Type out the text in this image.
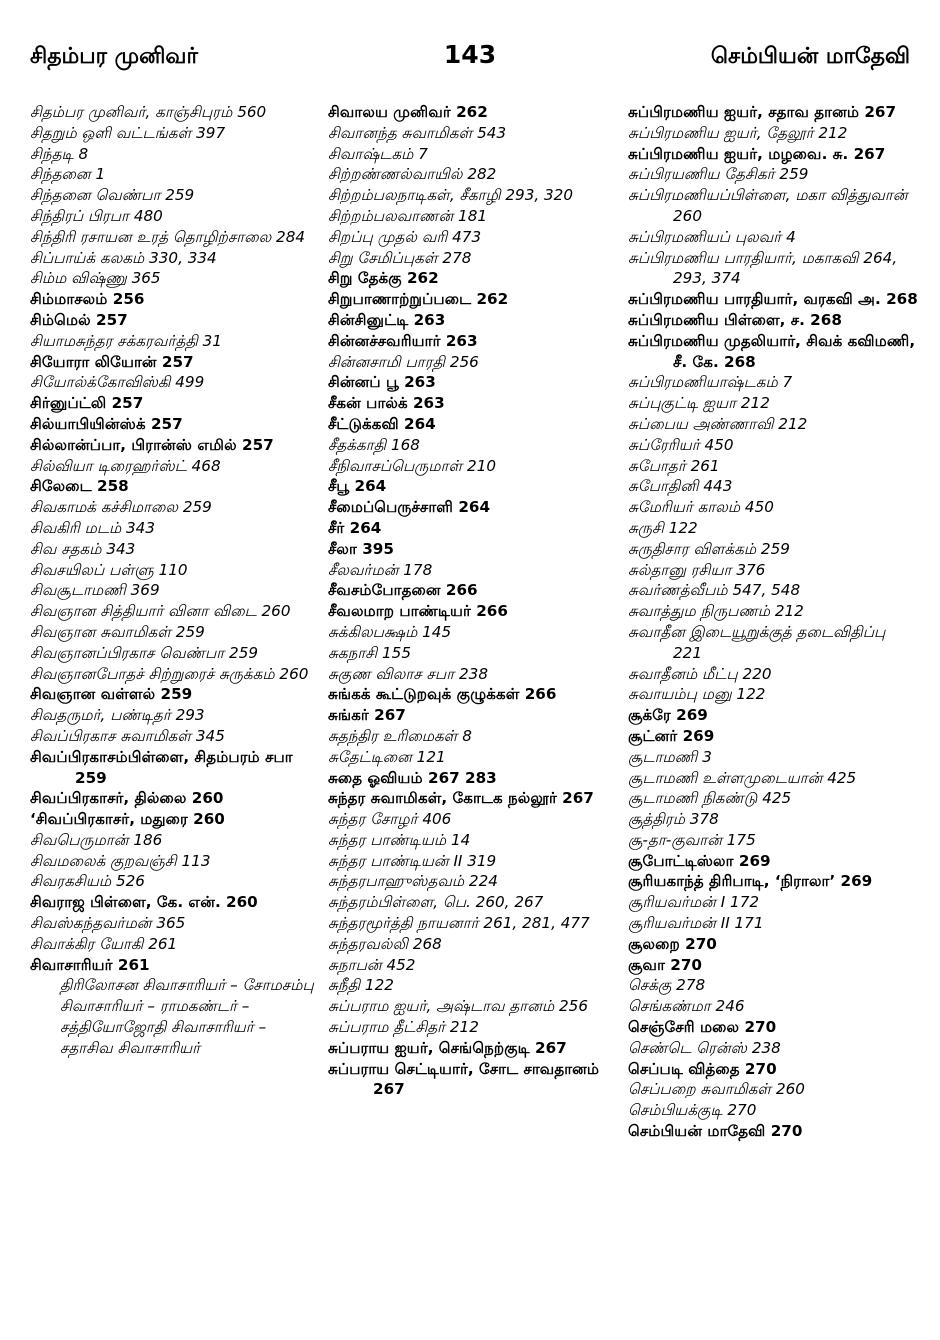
சிதம்பர முனிவர்	143	செம்பியன் மாதேவி
சிதம்பர முனிவர், காஞ்சிபுரம் 560
சிதறும் ஒளி வட்டங்கள் 397
சிந்தடி 8
சிந்தனை 1
சிந்தனை வெண்பா 259
சிந்திரப் பிரபா 480
சிந்திரி ரசாயன உரத் தொழிற்சாலை 284
சிப்பாய்க் கலகம் 330, 334
சிம்ம விஷ்ணு 365
சிம்மாசலம் 256
சிம்மெல் 257
சியாமசுந்தர சக்கரவர்த்தி 31
சியோரா லியோன் 257
சியோல்க்கோவிஸ்கி 499
சிர்னுப்ட்லி 257
சில்யாபியின்ஸ்க் 257
சில்லான்ப்பா, பிரான்ஸ் எமில் 257
சில்வியா டிரைஹர்ஸ்ட் 468
சிலேடை 258
சிவகாமக் கச்சிமாலை 259
சிவகிரி மடம் 343
சிவ சதகம் 343
சிவசயிலப் பள்ளு 110
சிவசூடாமணி 369
சிவஞான சித்தியார் வினா விடை 260
சிவஞான சுவாமிகள் 259
சிவஞானப்பிரகாச வெண்பா 259
சிவஞானபோதச் சிற்றுரைச் சுருக்கம் 260
சிவஞான வள்ளல் 259
சிவதருமர், பண்டிதர் 293
சிவப்பிரகாச சுவாமிகள் 345
சிவப்பிரகாசம்பிள்ளை, சிதம்பரம் சபா 259
சிவப்பிரகாசர், தில்லை 260
‘சிவப்பிரகாசர், மதுரை 260
சிவபெருமான் 186
சிவமலைக் குறவஞ்சி 113
சிவரகசியம் 526
சிவராஜ பிள்ளை, கே. என். 260
சிவஸ்கந்தவர்மன் 365
சிவாக்கிர யோகி 261
சிவாசாரியர் 261
திரிலோசன சிவாசாரியர் – சோமசம்பு சிவாசாரியர் – ராமகண்டர் – சத்தியோஜோதி சிவாசாரியர் – சதாசிவ சிவாசாரியர்
சிவாலய முனிவர் 262
சிவானந்த சுவாமிகள் 543
சிவாஷ்டகம் 7
சிற்றண்ணல்வாயில் 282
சிற்றம்பலநாடிகள், சீகாழி 293, 320
சிற்றம்பலவாணன் 181
சிறப்பு முதல் வரி 473
சிறு சேமிப்புகள் 278
சிறு தேக்கு 262
சிறுபாணாற்றுப்படை 262
சின்சினுட்டி 263
சின்னச்சவரியார் 263
சின்னசாமி பாரதி 256
சின்னப் பூ 263
சீகன் பால்க் 263
சீட்டுக்கவி 264
சீதக்காதி 168
சீநிவாசப்பெருமாள் 210
சீபூ 264
சீமைப்பெருச்சாளி 264
சீர் 264
சீலா 395
சீலவர்மன் 178
சீவசம்போதனை 266
சீவலமாற பாண்டியர் 266
சுக்கிலபக்ஷம் 145
சுகநாசி 155
சுகுண விலாச சபா 238
சுங்கக் கூட்டுறவுக் குழுக்கள் 266
சுங்கர் 267
சுதந்திர உரிமைகள் 8
சுதேட்டினை 121
சுதை ஓவியம் 267 283
சுந்தர சுவாமிகள், கோடக நல்லூர் 267
சுந்தர சோழர் 406
சுந்தர பாண்டியம் 14
சுந்தர பாண்டியன் II 319
சுந்தரபாஹுஸ்தவம் 224
சுந்தரம்பிள்ளை, பெ. 260, 267
சுந்தரமூர்த்தி நாயனார் 261, 281, 477
சுந்தரவல்லி 268
சுநாபன் 452
சுநீதி 122
சுப்பராம ஐயர், அஷ்டாவ தானம் 256
சுப்பராம தீட்சிதர் 212
சுப்பராய ஐயர், செங்நெற்குடி 267
சுப்பராய செட்டியார், சோட சாவதானம் 267
சுப்பிரமணிய ஐயர், சதாவ தானம் 267
சுப்பிரமணிய ஐயர், தேலூர் 212
சுப்பிரமணிய ஐயர், மழவை. சு. 267
சுப்பிரயணிய தேசிகர் 259
சுப்பிரமணியப்பிள்ளை, மகா வித்துவான் 260
சுப்பிரமணியப் புலவர் 4
சுப்பிரமணிய பாரதியார், மகாகவி 264, 293, 374
சுப்பிரமணிய பாரதியார், வரகவி அ. 268
சுப்பிரமணிய பிள்ளை, ச. 268
சுப்பிரமணிய முதலியார், சிவக் கவிமணி, சீ. கே. 268
சுப்பிரமணியாஷ்டகம் 7
சுப்புகுட்டி ஐயா 212
சுப்பைய அண்ணாவி 212
சுப்ரேரியர் 450
சுபோதர் 261
சுபோதினி 443
சுமேரியர் காலம் 450
சுருசி 122
சுருதிசார விளக்கம் 259
சுல்தானு ரசியா 376
சுவர்ணத்வீபம் 547, 548
சுவாத்தும நிருபணம் 212
சுவாதீன இடையூறுக்குத் தடைவிதிப்பு 221
சுவாதீனம் மீட்பு 220
சுவாயம்பு மனு 122
சூக்ரே 269
சூட்னர் 269
சூடாமணி 3
சூடாமணி உள்ளமுடையான் 425
சூடாமணி நிகண்டு 425
சூத்திரம் 378
சூ-தா-குவான் 175
சூபோட்டிஸ்லா 269
சூரியகாந்த் திரிபாடி, ‘நிராலா’ 269
சூரியவர்மன் I 172
சூரியவர்மன் II 171
சூலறை 270
சூவா 270
செக்கு 278
செங்கண்மா 246
செஞ்சேரி மலை 270
செண்டெ ரென்ஸ் 238
செப்படி வித்தை 270
செப்பறை சுவாமிகள் 260
செம்பியக்குடி 270
செம்பியன் மாதேவி 270
